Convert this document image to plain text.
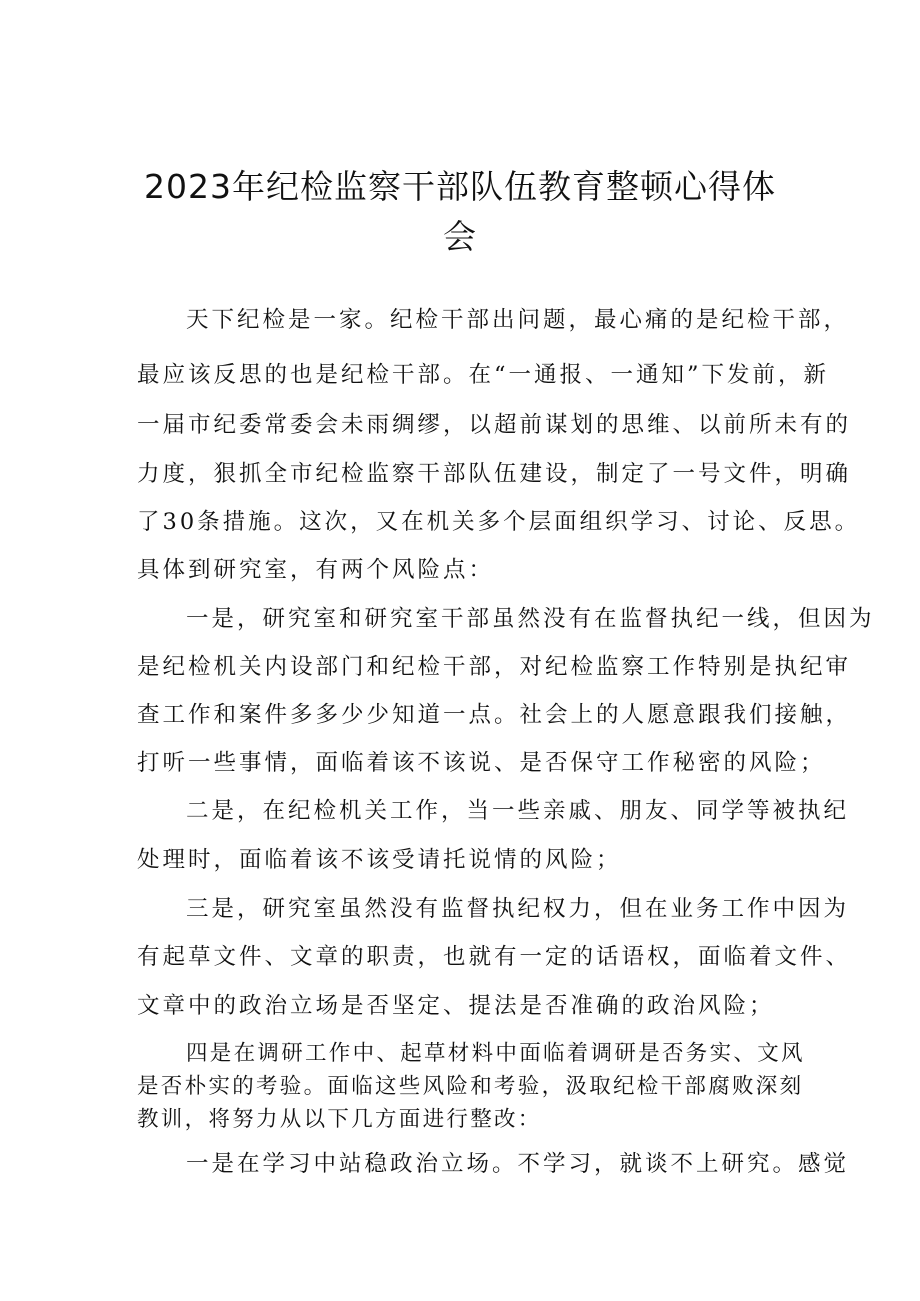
2023年纪检监察干部队伍教育整顿心得体
会
天下纪检是一家。纪检干部出问题，最心痛的是纪检干部，
最应该反思的也是纪检干部。在“一通报、一通知”下发前，新
一届市纪委常委会未雨绸缪，以超前谋划的思维、以前所未有的
力度，狠抓全市纪检监察干部队伍建设，制定了一号文件，明确
了30条措施。这次，又在机关多个层面组织学习、讨论、反思。
具体到研究室，有两个风险点：
一是，研究室和研究室干部虽然没有在监督执纪一线，但因为
是纪检机关内设部门和纪检干部，对纪检监察工作特别是执纪审
查工作和案件多多少少知道一点。社会上的人愿意跟我们接触，
打听一些事情，面临着该不该说、是否保守工作秘密的风险；
二是，在纪检机关工作，当一些亲戚、朋友、同学等被执纪
处理时，面临着该不该受请托说情的风险；
三是，研究室虽然没有监督执纪权力，但在业务工作中因为
有起草文件、文章的职责，也就有一定的话语权，面临着文件、
文章中的政治立场是否坚定、提法是否准确的政治风险；
四是在调研工作中、起草材料中面临着调研是否务实、文风
是否朴实的考验。面临这些风险和考验，汲取纪检干部腐败深刻
教训，将努力从以下几方面进行整改：
一是在学习中站稳政治立场。不学习，就谈不上研究。感觉
